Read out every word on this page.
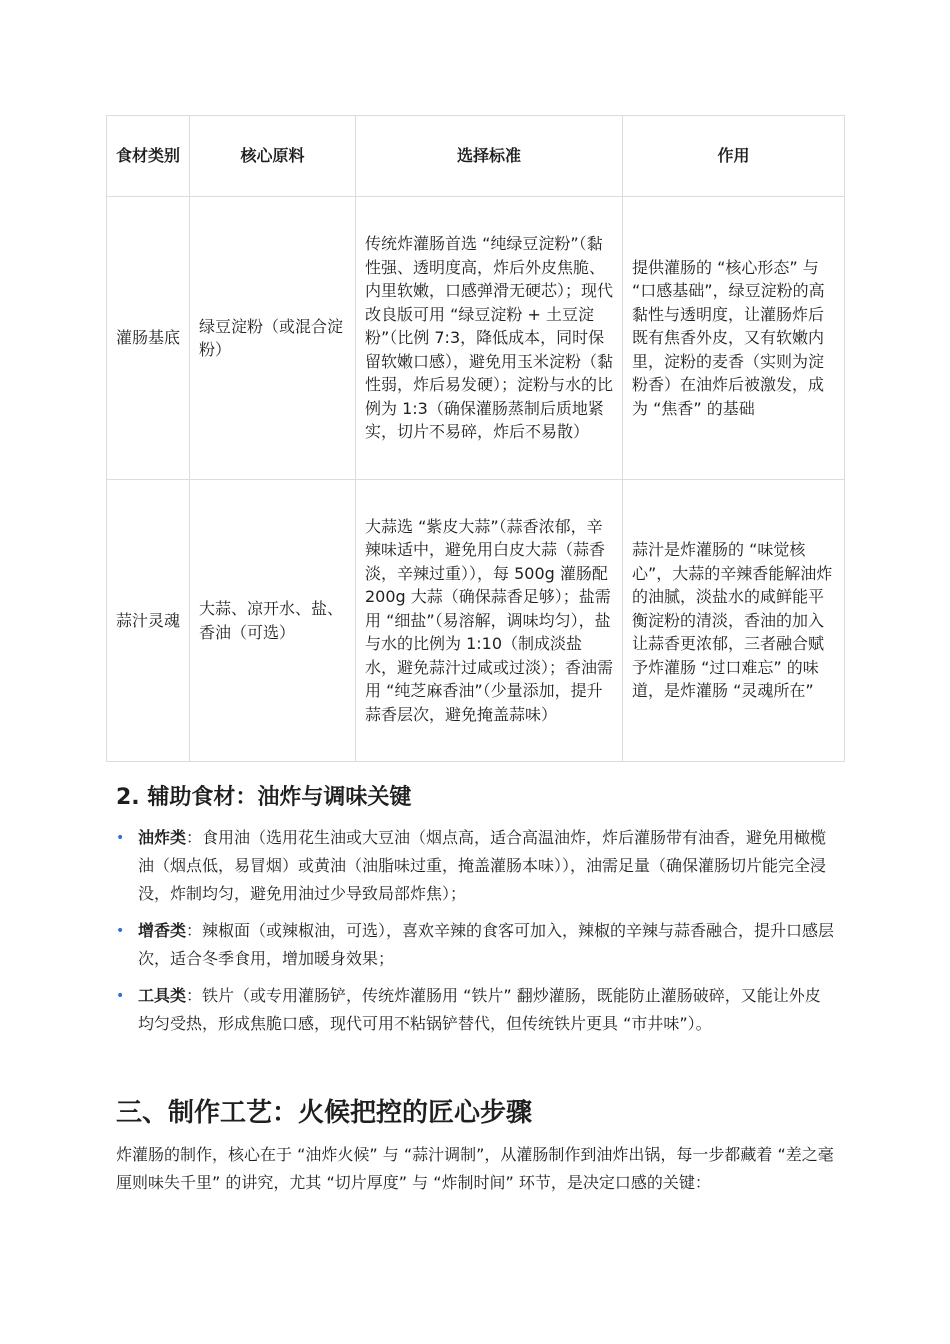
食材类别	核心原料	选择标准	作用
灌肠基底	绿豆淀粉（或混合淀粉）	传统炸灌肠首选 “纯绿豆淀粉”（黏性强、透明度高，炸后外皮焦脆、内里软嫩，口感弹滑无硬芯）；现代改良版可用 “绿豆淀粉 + 土豆淀粉”（比例 7:3，降低成本，同时保留软嫩口感），避免用玉米淀粉（黏性弱，炸后易发硬）；淀粉与水的比例为 1:3（确保灌肠蒸制后质地紧实，切片不易碎，炸后不易散）	提供灌肠的 “核心形态” 与 “口感基础”，绿豆淀粉的高黏性与透明度，让灌肠炸后既有焦香外皮，又有软嫩内里，淀粉的麦香（实则为淀粉香）在油炸后被激发，成为 “焦香” 的基础
蒜汁灵魂	大蒜、凉开水、盐、香油（可选）	大蒜选 “紫皮大蒜”（蒜香浓郁，辛辣味适中，避免用白皮大蒜（蒜香淡，辛辣过重）），每 500g 灌肠配 200g 大蒜（确保蒜香足够）；盐需用 “细盐”（易溶解，调味均匀），盐与水的比例为 1:10（制成淡盐水，避免蒜汁过咸或过淡）；香油需用 “纯芝麻香油”（少量添加，提升蒜香层次，避免掩盖蒜味）	蒜汁是炸灌肠的 “味觉核心”，大蒜的辛辣香能解油炸的油腻，淡盐水的咸鲜能平衡淀粉的清淡，香油的加入让蒜香更浓郁，三者融合赋予炸灌肠 “过口难忘” 的味道，是炸灌肠 “灵魂所在”
2. 辅助食材：油炸与调味关键
• 油炸类：食用油（选用花生油或大豆油（烟点高，适合高温油炸，炸后灌肠带有油香，避免用橄榄油（烟点低，易冒烟）或黄油（油脂味过重，掩盖灌肠本味）），油需足量（确保灌肠切片能完全浸没，炸制均匀，避免用油过少导致局部炸焦）；
• 增香类：辣椒面（或辣椒油，可选），喜欢辛辣的食客可加入，辣椒的辛辣与蒜香融合，提升口感层次，适合冬季食用，增加暖身效果；
• 工具类：铁片（或专用灌肠铲，传统炸灌肠用 “铁片” 翻炒灌肠，既能防止灌肠破碎，又能让外皮均匀受热，形成焦脆口感，现代可用不粘锅铲替代，但传统铁片更具 “市井味”）。
三、制作工艺：火候把控的匠心步骤

炸灌肠的制作，核心在于 “油炸火候” 与 “蒜汁调制”，从灌肠制作到油炸出锅，每一步都藏着 “差之毫厘则味失千里” 的讲究，尤其 “切片厚度” 与 “炸制时间” 环节，是决定口感的关键：
